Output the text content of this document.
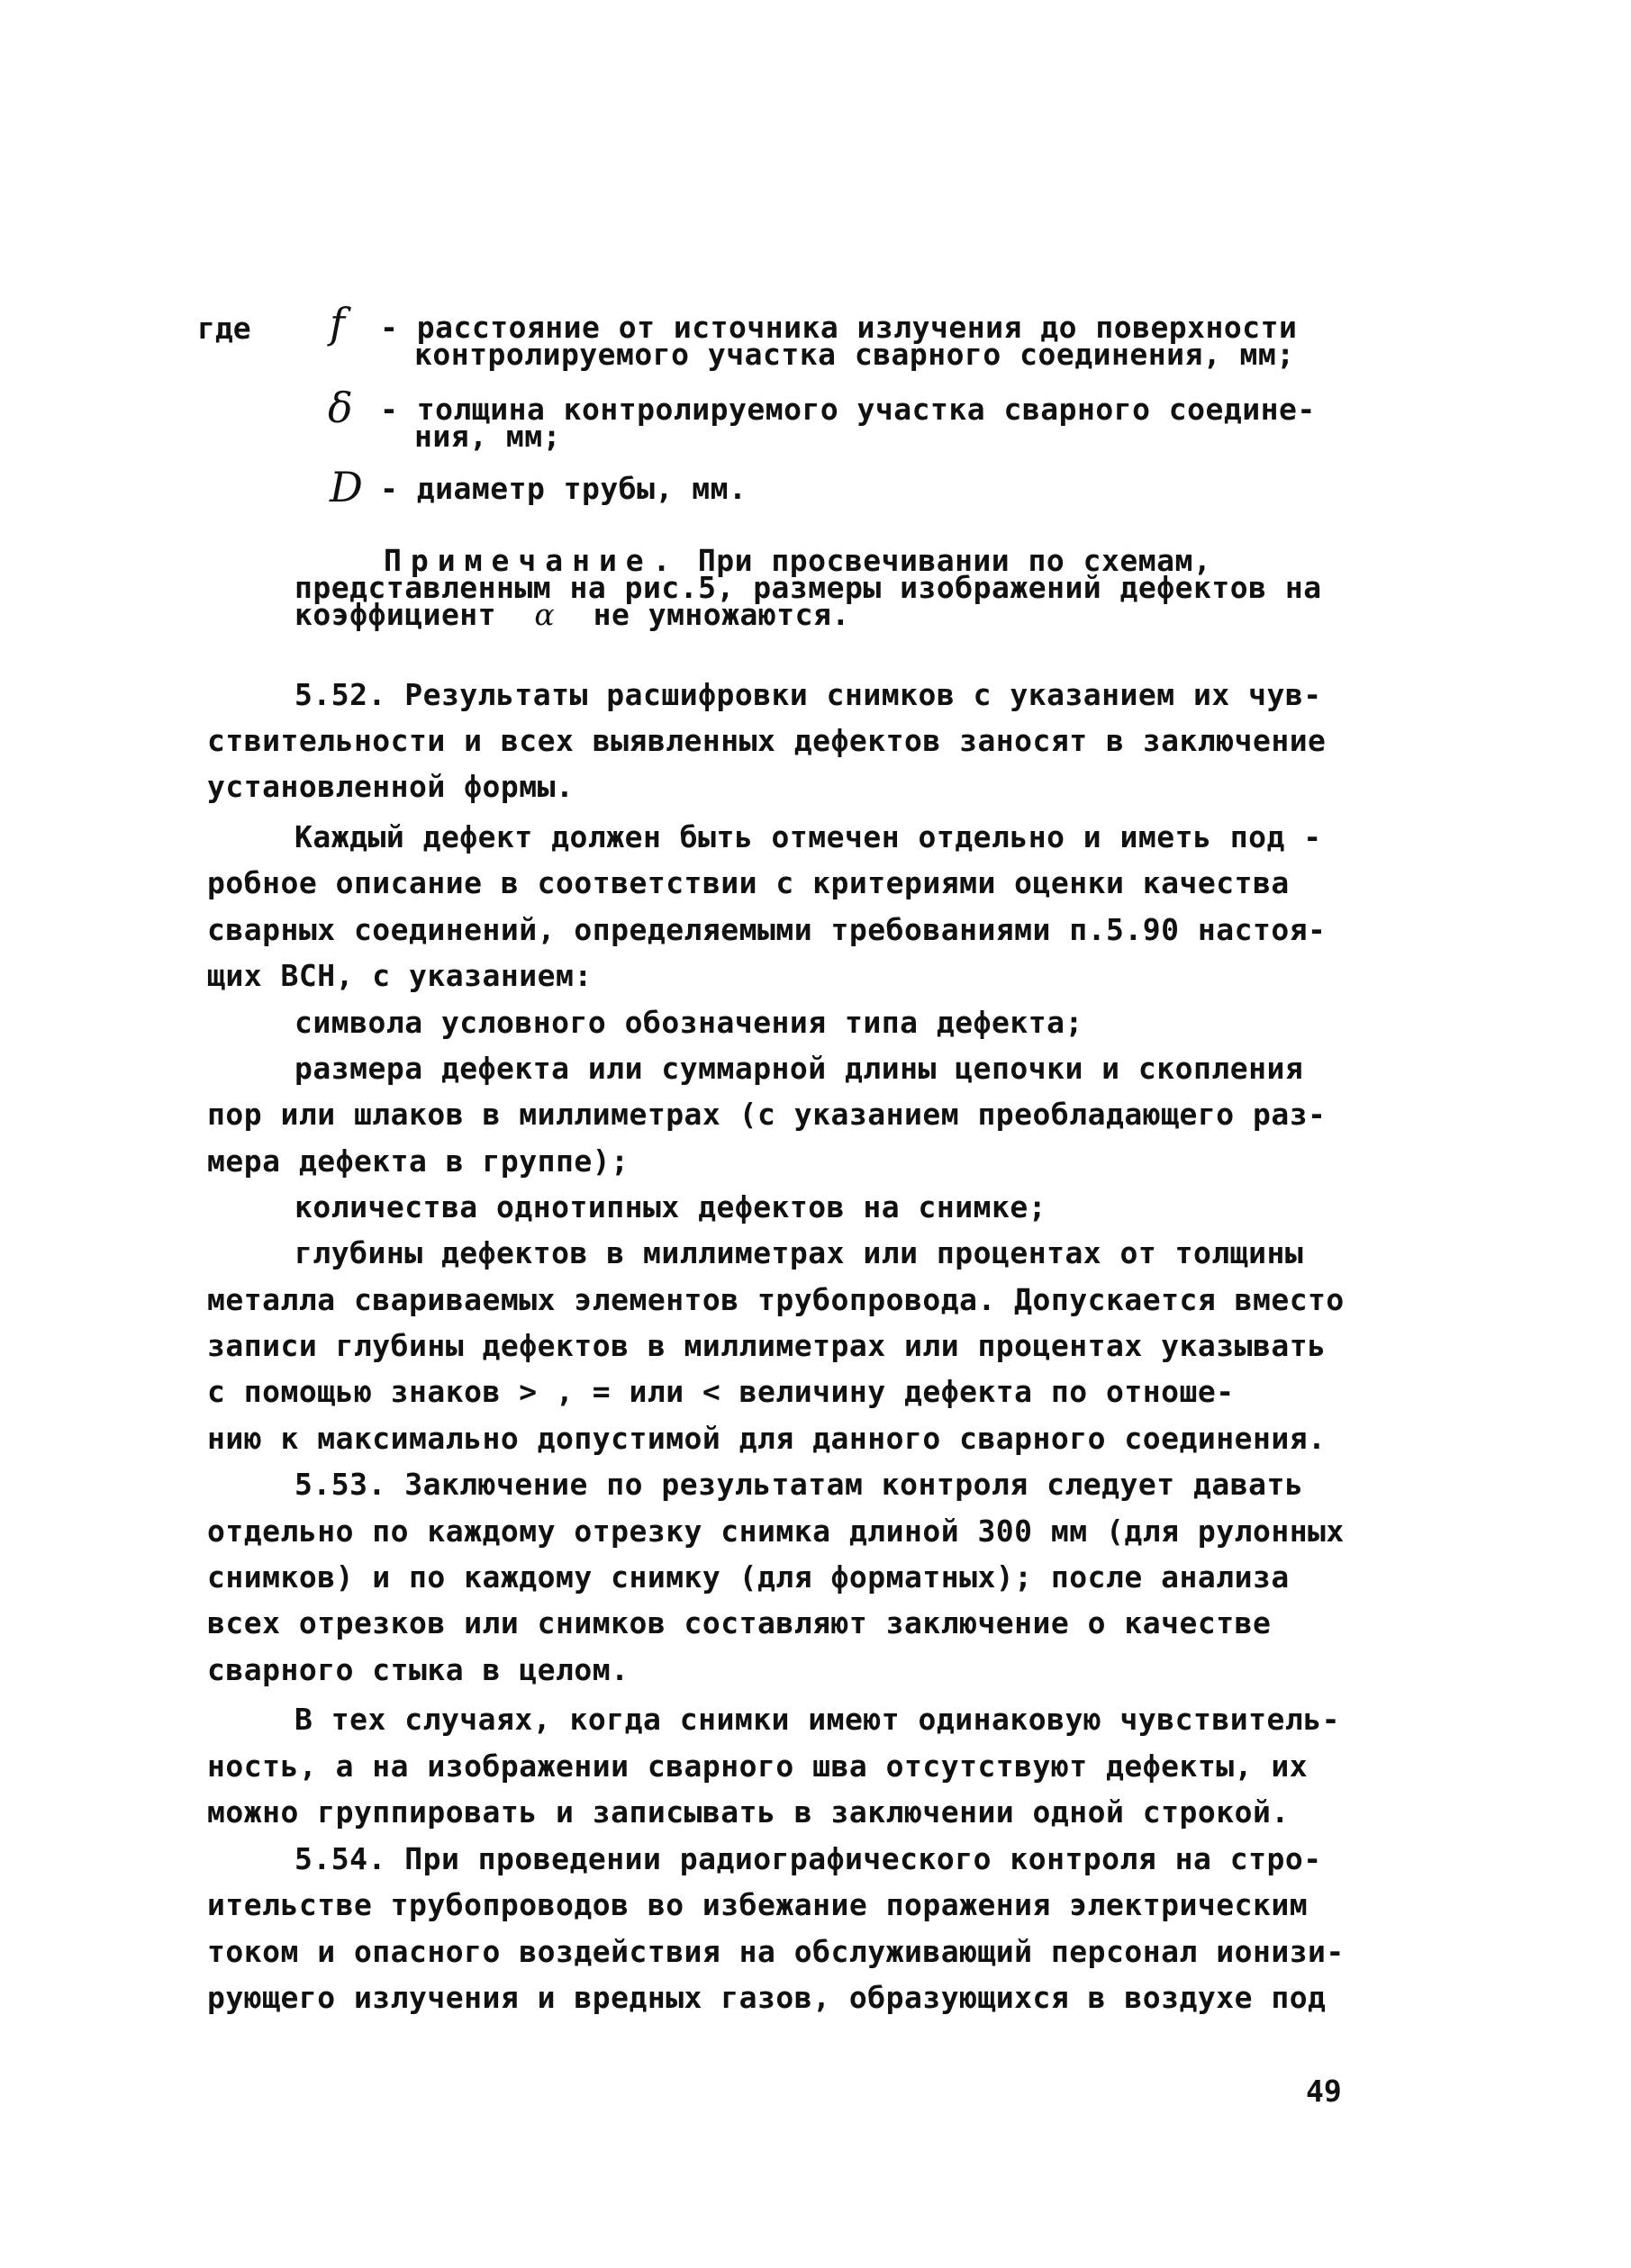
где f - расстояние от источника излучения до поверхности
контролируемого участка сварного соединения, мм;
δ - толщина контролируемого участка сварного соедине-
ния, мм;
D - диаметр трубы, мм.
Примечание. При просвечивании по схемам,
представленным на рис.5, размеры изображений дефектов на
коэффициент α не умножаются.
5.52. Результаты расшифровки снимков с указанием их чув-
ствительности и всех выявленных дефектов заносят в заключение
установленной формы.
Каждый дефект должен быть отмечен отдельно и иметь под -
робное описание в соответствии с критериями оценки качества
сварных соединений, определяемыми требованиями п.5.90 настоя-
щих ВСН, с указанием:
символа условного обозначения типа дефекта;
размера дефекта или суммарной длины цепочки и скопления
пор или шлаков в миллиметрах (с указанием преобладающего раз-
мера дефекта в группе);
количества однотипных дефектов на снимке;
глубины дефектов в миллиметрах или процентах от толщины
металла свариваемых элементов трубопровода. Допускается вместо
записи глубины дефектов в миллиметрах или процентах указывать
с помощью знаков > , = или < величину дефекта по отноше-
нию к максимально допустимой для данного сварного соединения.
5.53. Заключение по результатам контроля следует давать
отдельно по каждому отрезку снимка длиной 300 мм (для рулонных
снимков) и по каждому снимку (для форматных); после анализа
всех отрезков или снимков составляют заключение о качестве
сварного стыка в целом.
В тех случаях, когда снимки имеют одинаковую чувствитель-
ность, а на изображении сварного шва отсутствуют дефекты, их
можно группировать и записывать в заключении одной строкой.
5.54. При проведении радиографического контроля на стро-
ительстве трубопроводов во избежание поражения электрическим
током и опасного воздействия на обслуживающий персонал ионизи-
рующего излучения и вредных газов, образующихся в воздухе под
49
